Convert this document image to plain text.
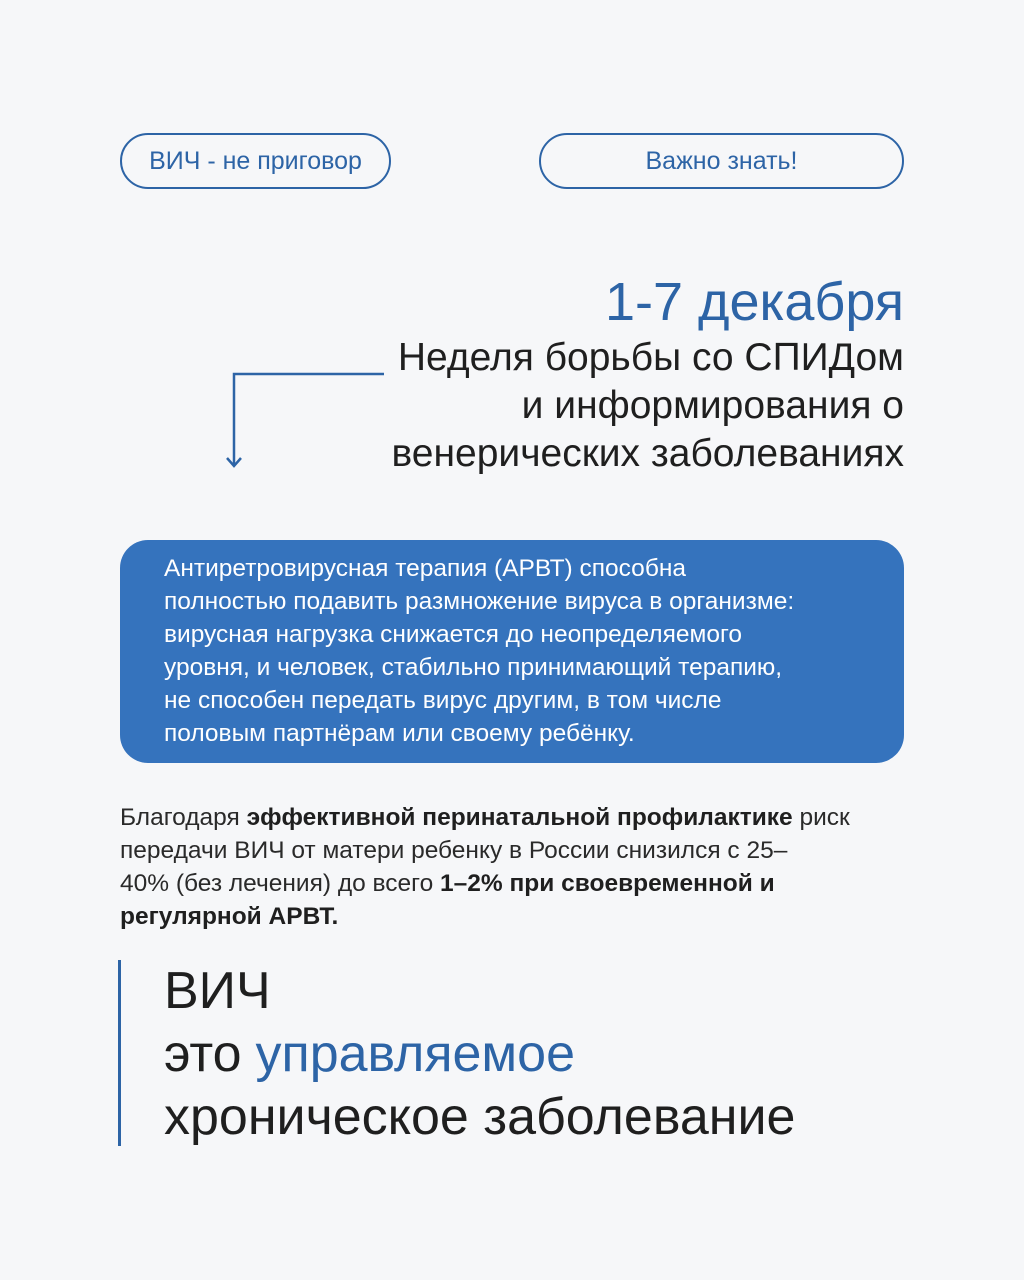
ВИЧ - не приговор	Важно знать!
1-7 декабря
Неделя борьбы со СПИДом
и информирования о
венерических заболеваниях
Антиретровирусная терапия (АРВТ) способна
полностью подавить размножение вируса в организме:
вирусная нагрузка снижается до неопределяемого
уровня, и человек, стабильно принимающий терапию,
не способен передать вирус другим, в том числе
половым партнёрам или своему ребёнку.
Благодаря эффективной перинатальной профилактике риск
передачи ВИЧ от матери ребенку в России снизился с 25–
40% (без лечения) до всего 1–2% при своевременной и
регулярной АРВТ.
ВИЧ
это управляемое
хроническое заболевание
